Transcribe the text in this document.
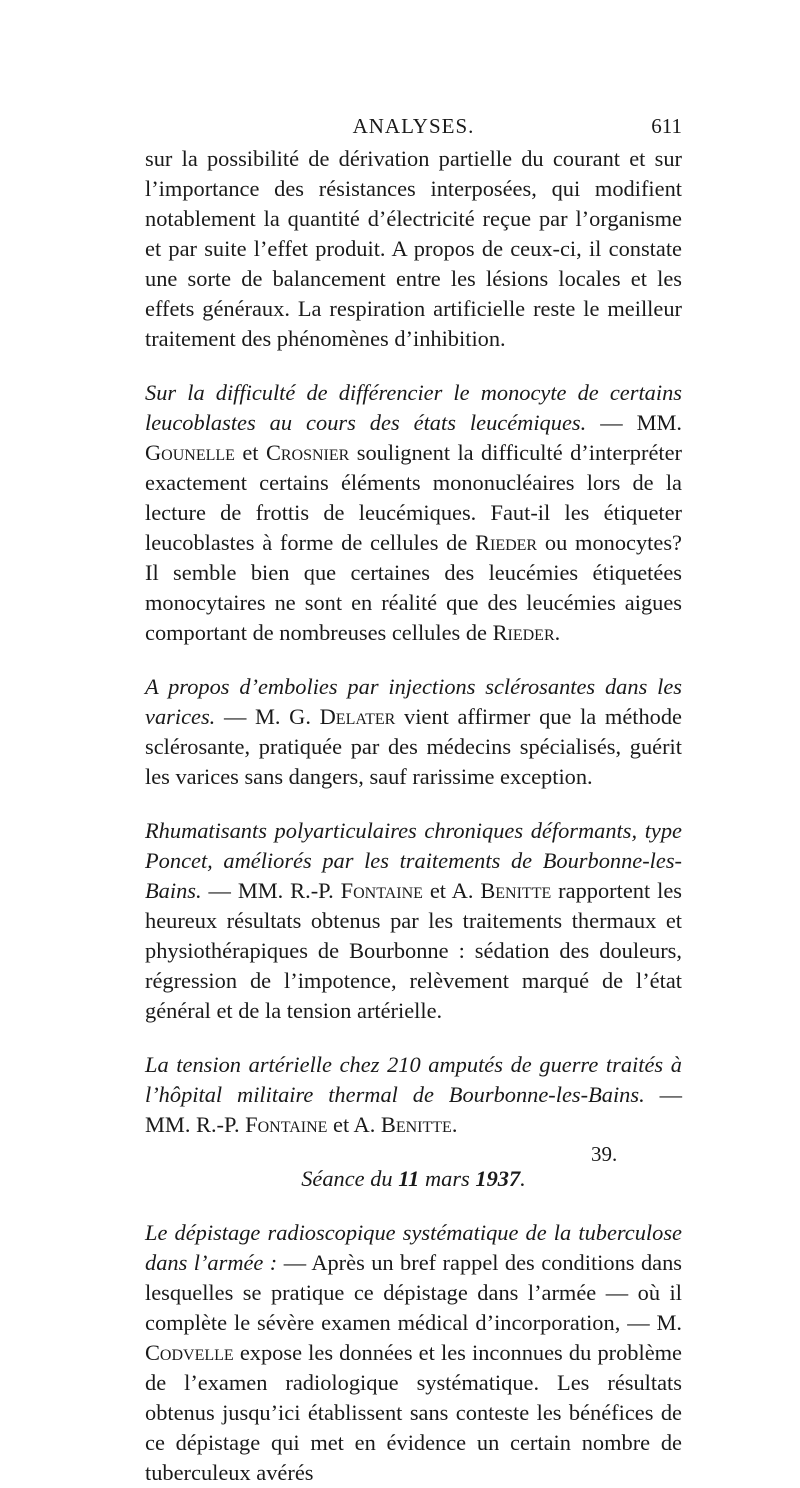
ANALYSES.	611

sur la possibilité de dérivation partielle du courant et sur l’importance des résistances interposées, qui modifient notablement la quantité d’électricité reçue par l’organisme et par suite l’effet produit. A propos de ceux-ci, il constate une sorte de balancement entre les lésions locales et les effets généraux. La respiration artificielle reste le meilleur traitement des phénomènes d’inhibition.

Sur la difficulté de différencier le monocyte de certains leucoblastes au cours des états leucémiques. — MM. Gounelle et Crosnier soulignent la difficulté d’interpréter exactement certains éléments mononucléaires lors de la lecture de frottis de leucémiques. Faut-il les étiqueter leucoblastes à forme de cellules de Rieder ou monocytes? Il semble bien que certaines des leucémies étiquetées monocytaires ne sont en réalité que des leucémies aigues comportant de nombreuses cellules de Rieder.

A propos d’embolies par injections sclérosantes dans les varices. — M. G. Delater vient affirmer que la méthode sclérosante, pratiquée par des médecins spécialisés, guérit les varices sans dangers, sauf rarissime exception.

Rhumatisants polyarticulaires chroniques déformants, type Poncet, améliorés par les traitements de Bourbonne-les-Bains. — MM. R.-P. Fontaine et A. Benitte rapportent les heureux résultats obtenus par les traitements thermaux et physiothérapiques de Bourbonne : sédation des douleurs, régression de l’impotence, relèvement marqué de l’état général et de la tension artérielle.

La tension artérielle chez 210 amputés de guerre traités à l’hôpital militaire thermal de Bourbonne-les-Bains. — MM. R.-P. Fontaine et A. Benitte.

Séance du 11 mars 1937.

Le dépistage radioscopique systématique de la tuberculose dans l’armée : — Après un bref rappel des conditions dans lesquelles se pratique ce dépistage dans l’armée — où il complète le sévère examen médical d’incorporation, — M. Codvelle expose les données et les inconnues du problème de l’examen radiologique systématique. Les résultats obtenus jusqu’ici établissent sans conteste les bénéfices de ce dépistage qui met en évidence un certain nombre de tuberculeux avérés

39.
